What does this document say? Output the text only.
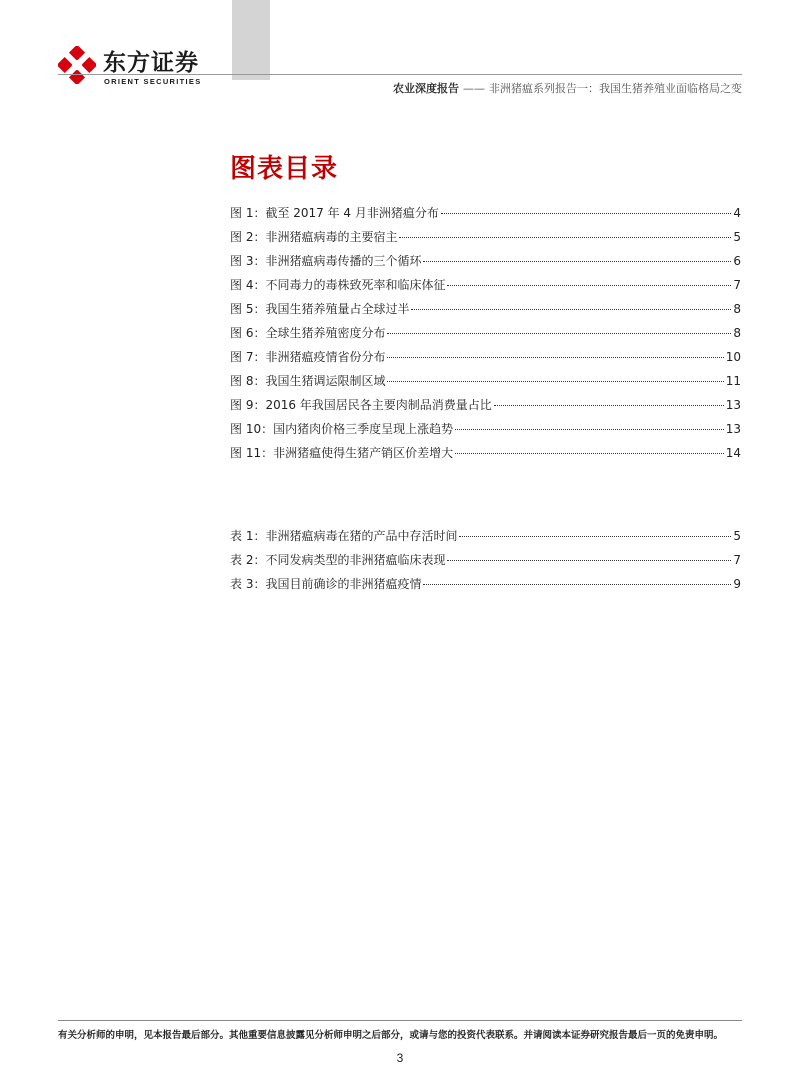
东方证券
ORIENT SECURITIES
农业深度报告 —— 非洲猪瘟系列报告一：我国生猪养殖业面临格局之变
图表目录
图 1：截至 2017 年 4 月非洲猪瘟分布	4
图 2：非洲猪瘟病毒的主要宿主	5
图 3：非洲猪瘟病毒传播的三个循环	6
图 4：不同毒力的毒株致死率和临床体征	7
图 5：我国生猪养殖量占全球过半	8
图 6：全球生猪养殖密度分布	8
图 7：非洲猪瘟疫情省份分布	10
图 8：我国生猪调运限制区域	11
图 9：2016 年我国居民各主要肉制品消费量占比	13
图 10：国内猪肉价格三季度呈现上涨趋势	13
图 11：非洲猪瘟使得生猪产销区价差增大	14
表 1：非洲猪瘟病毒在猪的产品中存活时间	5
表 2：不同发病类型的非洲猪瘟临床表现	7
表 3：我国目前确诊的非洲猪瘟疫情	9
有关分析师的申明，见本报告最后部分。其他重要信息披露见分析师申明之后部分，或请与您的投资代表联系。并请阅读本证券研究报告最后一页的免责申明。
3
